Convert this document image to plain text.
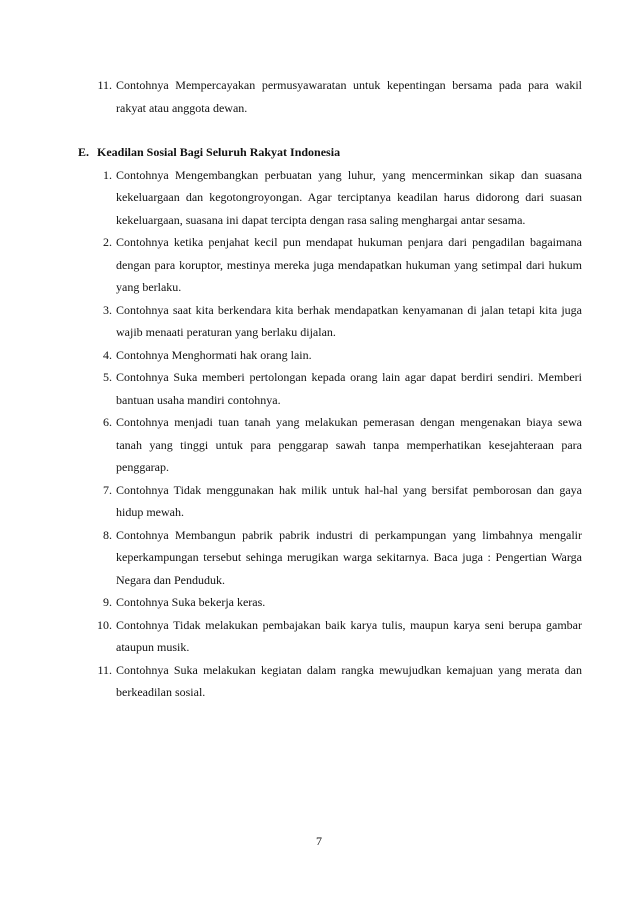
11. Contohnya Mempercayakan permusyawaratan untuk kepentingan bersama pada para wakil rakyat atau anggota dewan.
E. Keadilan Sosial Bagi Seluruh Rakyat Indonesia
1. Contohnya Mengembangkan perbuatan yang luhur, yang mencerminkan sikap dan suasana kekeluargaan dan kegotongroyongan. Agar terciptanya keadilan harus didorong dari suasan kekeluargaan, suasana ini dapat tercipta dengan rasa saling menghargai antar sesama.
2. Contohnya ketika penjahat kecil pun mendapat hukuman penjara dari pengadilan bagaimana dengan para koruptor, mestinya mereka juga mendapatkan hukuman yang setimpal dari hukum yang berlaku.
3. Contohnya saat kita berkendara kita berhak mendapatkan kenyamanan di jalan tetapi kita juga wajib menaati peraturan yang berlaku dijalan.
4. Contohnya Menghormati hak orang lain.
5. Contohnya Suka memberi pertolongan kepada orang lain agar dapat berdiri sendiri. Memberi bantuan usaha mandiri contohnya.
6. Contohnya menjadi tuan tanah yang melakukan pemerasan dengan mengenakan biaya sewa tanah yang tinggi untuk para penggarap sawah tanpa memperhatikan kesejahteraan para penggarap.
7. Contohnya Tidak menggunakan hak milik untuk hal-hal yang bersifat pemborosan dan gaya hidup mewah.
8. Contohnya Membangun pabrik pabrik industri di perkampungan yang limbahnya mengalir keperkampungan tersebut sehinga merugikan warga sekitarnya. Baca juga : Pengertian Warga Negara dan Penduduk.
9. Contohnya Suka bekerja keras.
10. Contohnya Tidak melakukan pembajakan baik karya tulis, maupun karya seni berupa gambar ataupun musik.
11. Contohnya Suka melakukan kegiatan dalam rangka mewujudkan kemajuan yang merata dan berkeadilan sosial.
7
